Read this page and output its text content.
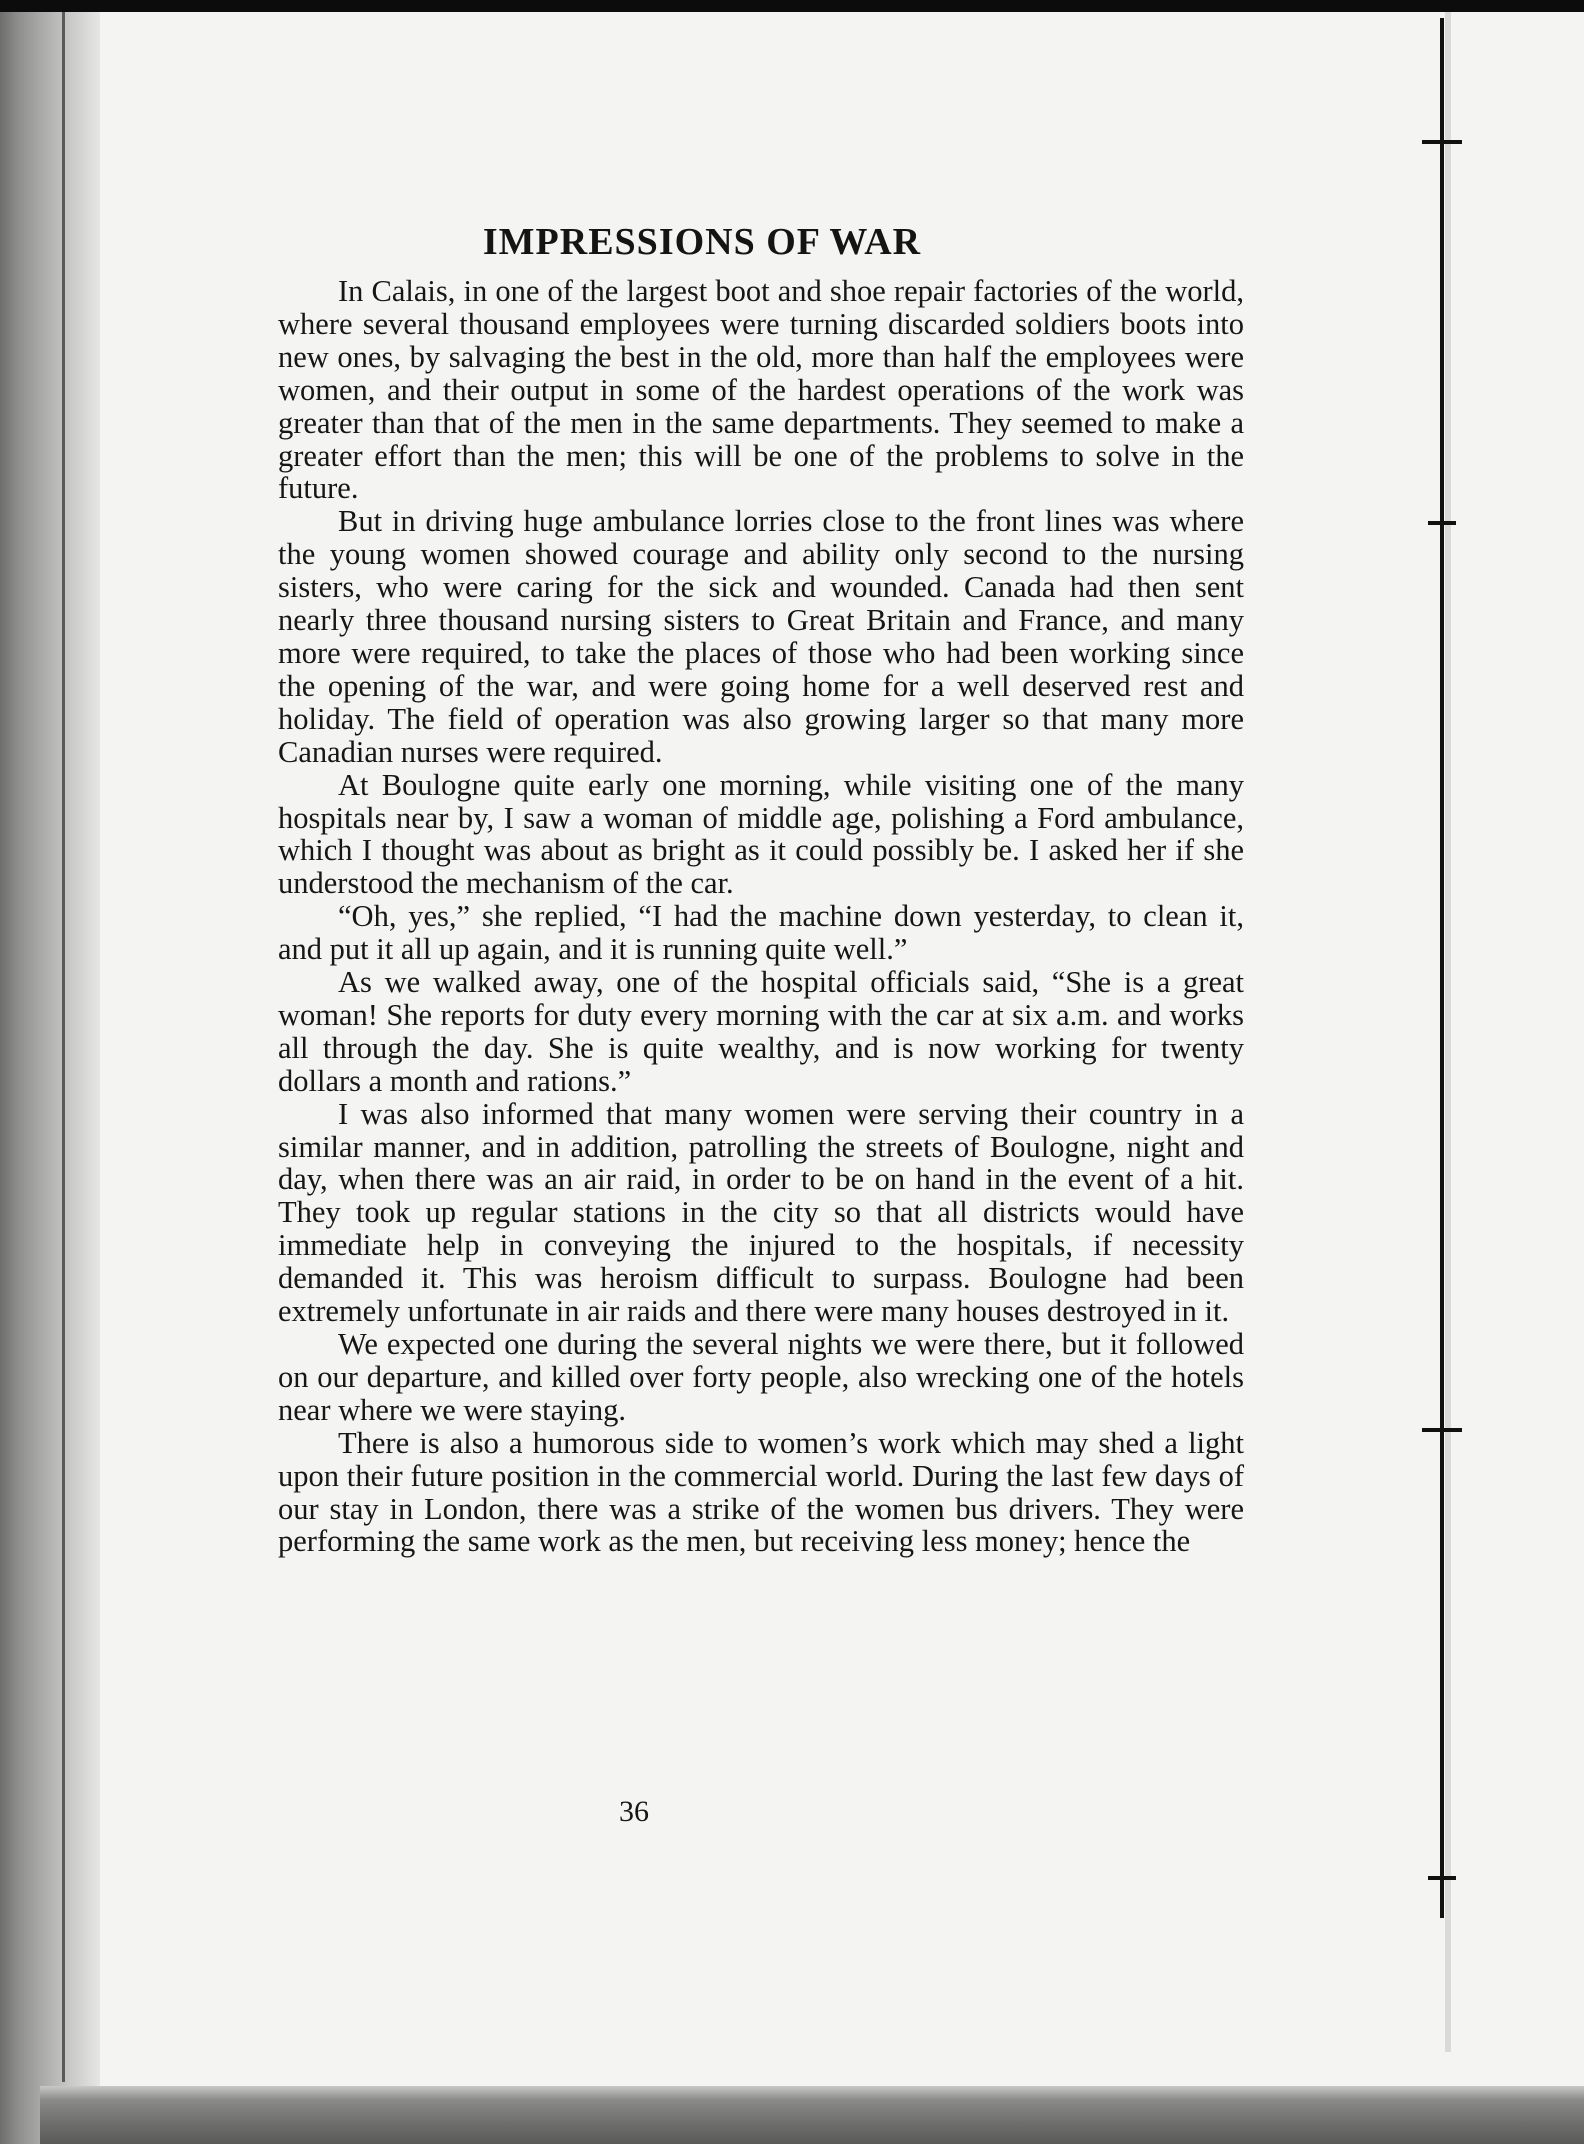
IMPRESSIONS OF WAR

In Calais, in one of the largest boot and shoe repair factories of the world, where several thousand employees were turning discarded soldiers boots into new ones, by salvaging the best in the old, more than half the employees were women, and their output in some of the hardest operations of the work was greater than that of the men in the same departments. They seemed to make a greater effort than the men; this will be one of the problems to solve in the future.

But in driving huge ambulance lorries close to the front lines was where the young women showed courage and ability only second to the nursing sisters, who were caring for the sick and wounded. Canada had then sent nearly three thousand nursing sisters to Great Britain and France, and many more were required, to take the places of those who had been working since the opening of the war, and were going home for a well deserved rest and holiday. The field of operation was also growing larger so that many more Canadian nurses were required.

At Boulogne quite early one morning, while visiting one of the many hospitals near by, I saw a woman of middle age, polishing a Ford ambulance, which I thought was about as bright as it could possibly be. I asked her if she understood the mechanism of the car.

“Oh, yes,” she replied, “I had the machine down yesterday, to clean it, and put it all up again, and it is running quite well.”

As we walked away, one of the hospital officials said, “She is a great woman! She reports for duty every morning with the car at six a.m. and works all through the day. She is quite wealthy, and is now working for twenty dollars a month and rations.”

I was also informed that many women were serving their country in a similar manner, and in addition, patrolling the streets of Boulogne, night and day, when there was an air raid, in order to be on hand in the event of a hit. They took up regular stations in the city so that all districts would have immediate help in conveying the injured to the hospitals, if necessity demanded it. This was heroism difficult to surpass. Boulogne had been extremely unfortunate in air raids and there were many houses destroyed in it.

We expected one during the several nights we were there, but it followed on our departure, and killed over forty people, also wrecking one of the hotels near where we were staying.

There is also a humorous side to women’s work which may shed a light upon their future position in the commercial world. During the last few days of our stay in London, there was a strike of the women bus drivers. They were performing the same work as the men, but receiving less money; hence the

36
